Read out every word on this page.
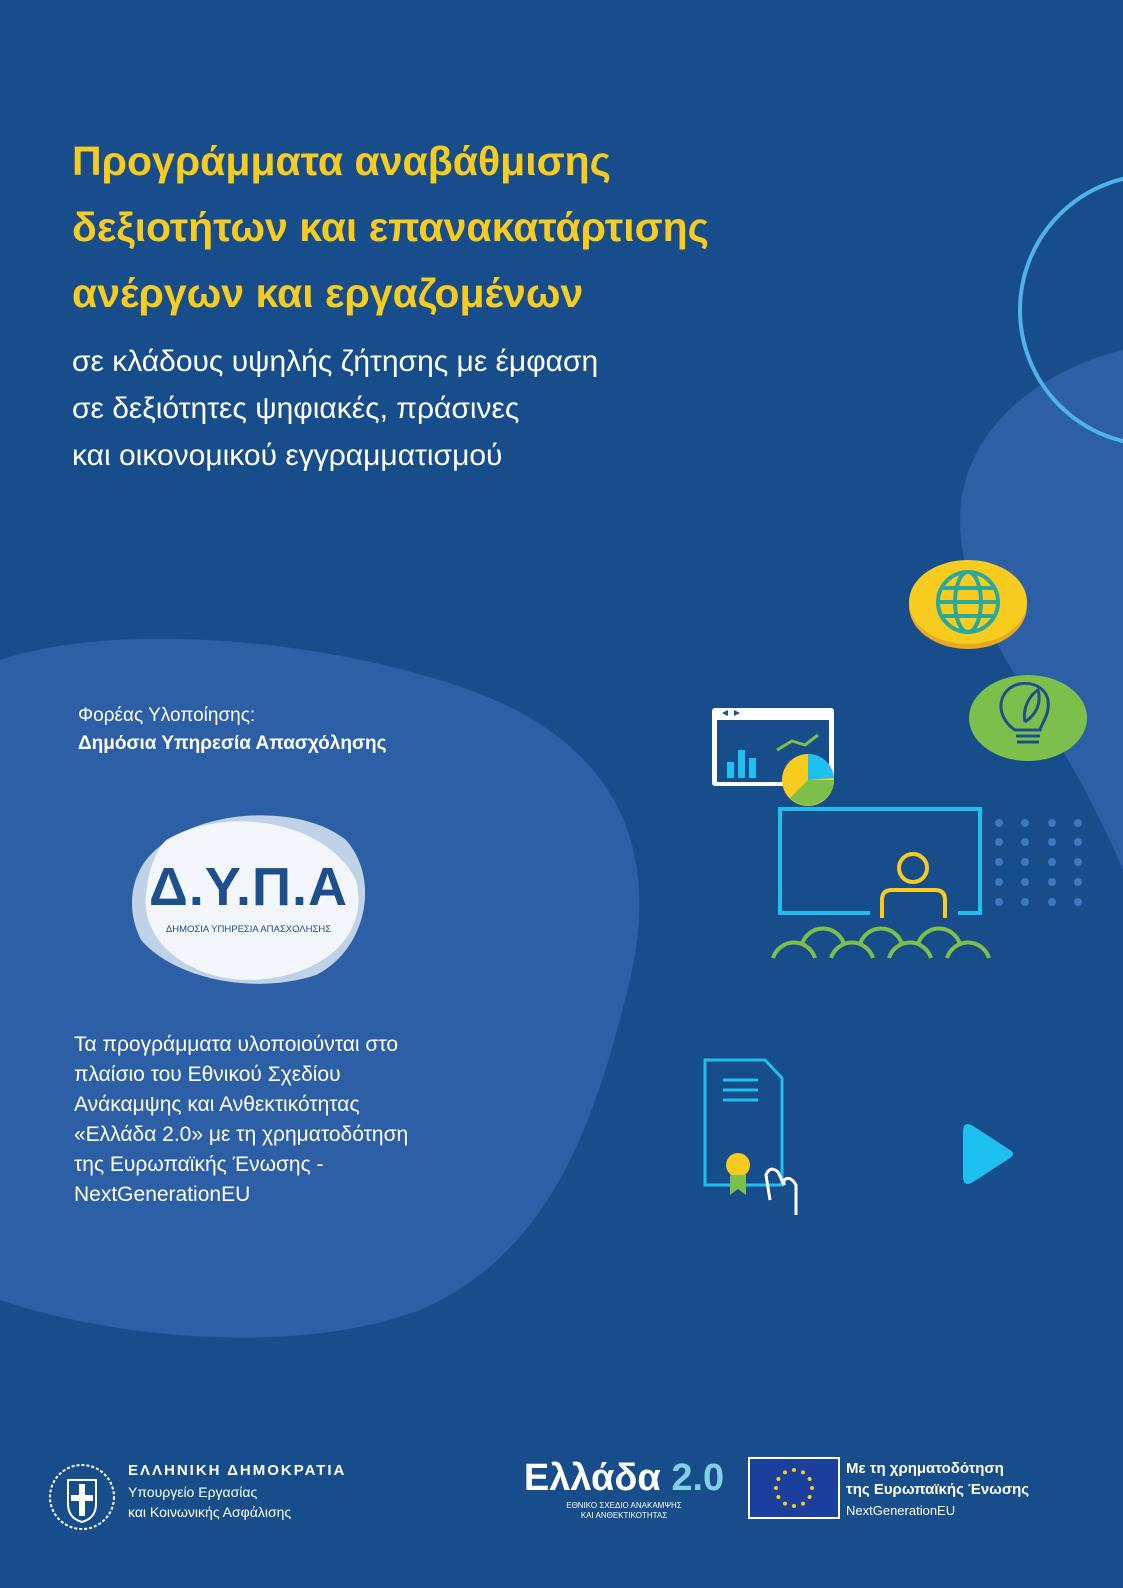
Προγράμματα αναβάθμισης
δεξιοτήτων και επανακατάρτισης
ανέργων και εργαζομένων
σε κλάδους υψηλής ζήτησης με έμφαση
σε δεξιότητες ψηφιακές, πράσινες
και οικονομικού εγγραμματισμού
Φορέας Υλοποίησης:
Δημόσια Υπηρεσία Απασχόλησης
Δ.Υ.Π.Α
ΔΗΜΟΣΙΑ ΥΠΗΡΕΣΙΑ ΑΠΑΣΧΟΛΗΣΗΣ
Τα προγράμματα υλοποιούνται στο
πλαίσιο του Εθνικού Σχεδίου
Ανάκαμψης και Ανθεκτικότητας
«Ελλάδα 2.0» με τη χρηματοδότηση
της Ευρωπαϊκής Ένωσης -
NextGenerationEU
ΕΛΛΗΝΙΚΗ ΔΗΜΟΚΡΑΤΙΑ
Υπουργείο Εργασίας
και Κοινωνικής Ασφάλισης
Ελλάδα 2.0
ΕΘΝΙΚΟ ΣΧΕΔΙΟ ΑΝΑΚΑΜΨΗΣ
ΚΑΙ ΑΝΘΕΚΤΙΚΟΤΗΤΑΣ
Με τη χρηματοδότηση
της Ευρωπαϊκής Ένωσης
NextGenerationEU
